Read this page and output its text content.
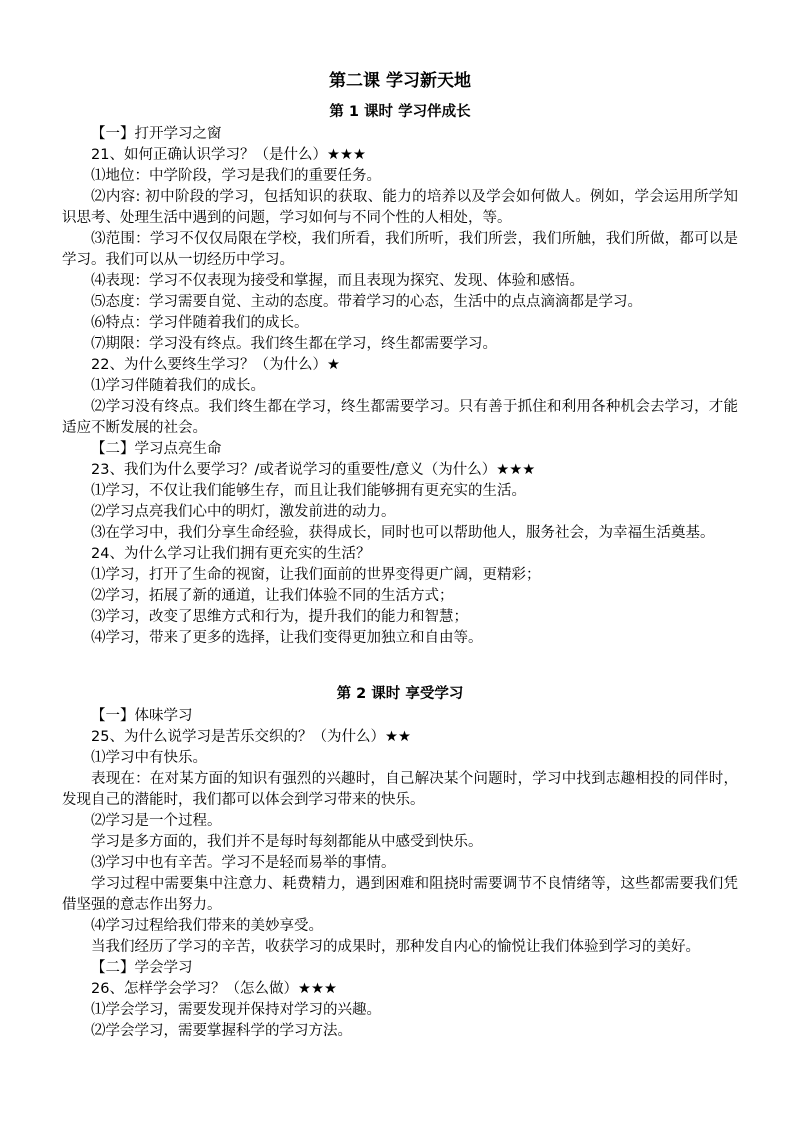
第二课 学习新天地
第 1 课时 学习伴成长

【一】打开学习之窗

21、如何正确认识学习？（是什么）★★★

⑴地位：中学阶段，学习是我们的重要任务。

⑵内容: 初中阶段的学习，包括知识的获取、能力的培养以及学会如何做人。例如，学会运用所学知识思考、处理生活中遇到的问题，学习如何与不同个性的人相处，等。

⑶范围：学习不仅仅局限在学校，我们所看，我们所听，我们所尝，我们所触，我们所做，都可以是学习。我们可以从一切经历中学习。

⑷表现：学习不仅表现为接受和掌握，而且表现为探究、发现、体验和感悟。

⑸态度：学习需要自觉、主动的态度。带着学习的心态，生活中的点点滴滴都是学习。

⑹特点：学习伴随着我们的成长。

⑺期限：学习没有终点。我们终生都在学习，终生都需要学习。

22、为什么要终生学习？（为什么）★

⑴学习伴随着我们的成长。

⑵学习没有终点。我们终生都在学习，终生都需要学习。只有善于抓住和利用各种机会去学习，才能适应不断发展的社会。

【二】学习点亮生命

23、我们为什么要学习？/或者说学习的重要性/意义（为什么）★★★

⑴学习，不仅让我们能够生存，而且让我们能够拥有更充实的生活。

⑵学习点亮我们心中的明灯，激发前进的动力。

⑶在学习中，我们分享生命经验，获得成长，同时也可以帮助他人，服务社会，为幸福生活奠基。

24、为什么学习让我们拥有更充实的生活？

⑴学习，打开了生命的视窗，让我们面前的世界变得更广阔，更精彩；

⑵学习，拓展了新的通道，让我们体验不同的生活方式；

⑶学习，改变了思维方式和行为，提升我们的能力和智慧；

⑷学习，带来了更多的选择，让我们变得更加独立和自由等。

第 2 课时 享受学习

【一】体味学习

25、为什么说学习是苦乐交织的？（为什么）★★

⑴学习中有快乐。

表现在：在对某方面的知识有强烈的兴趣时，自己解决某个问题时，学习中找到志趣相投的同伴时，发现自己的潜能时，我们都可以体会到学习带来的快乐。

⑵学习是一个过程。

学习是多方面的，我们并不是每时每刻都能从中感受到快乐。

⑶学习中也有辛苦。学习不是轻而易举的事情。

学习过程中需要集中注意力、耗费精力，遇到困难和阻挠时需要调节不良情绪等，这些都需要我们凭借坚强的意志作出努力。

⑷学习过程给我们带来的美妙享受。

当我们经历了学习的辛苦，收获学习的成果时，那种发自内心的愉悦让我们体验到学习的美好。

【二】学会学习

26、怎样学会学习？（怎么做）★★★

⑴学会学习，需要发现并保持对学习的兴趣。

⑵学会学习，需要掌握科学的学习方法。
